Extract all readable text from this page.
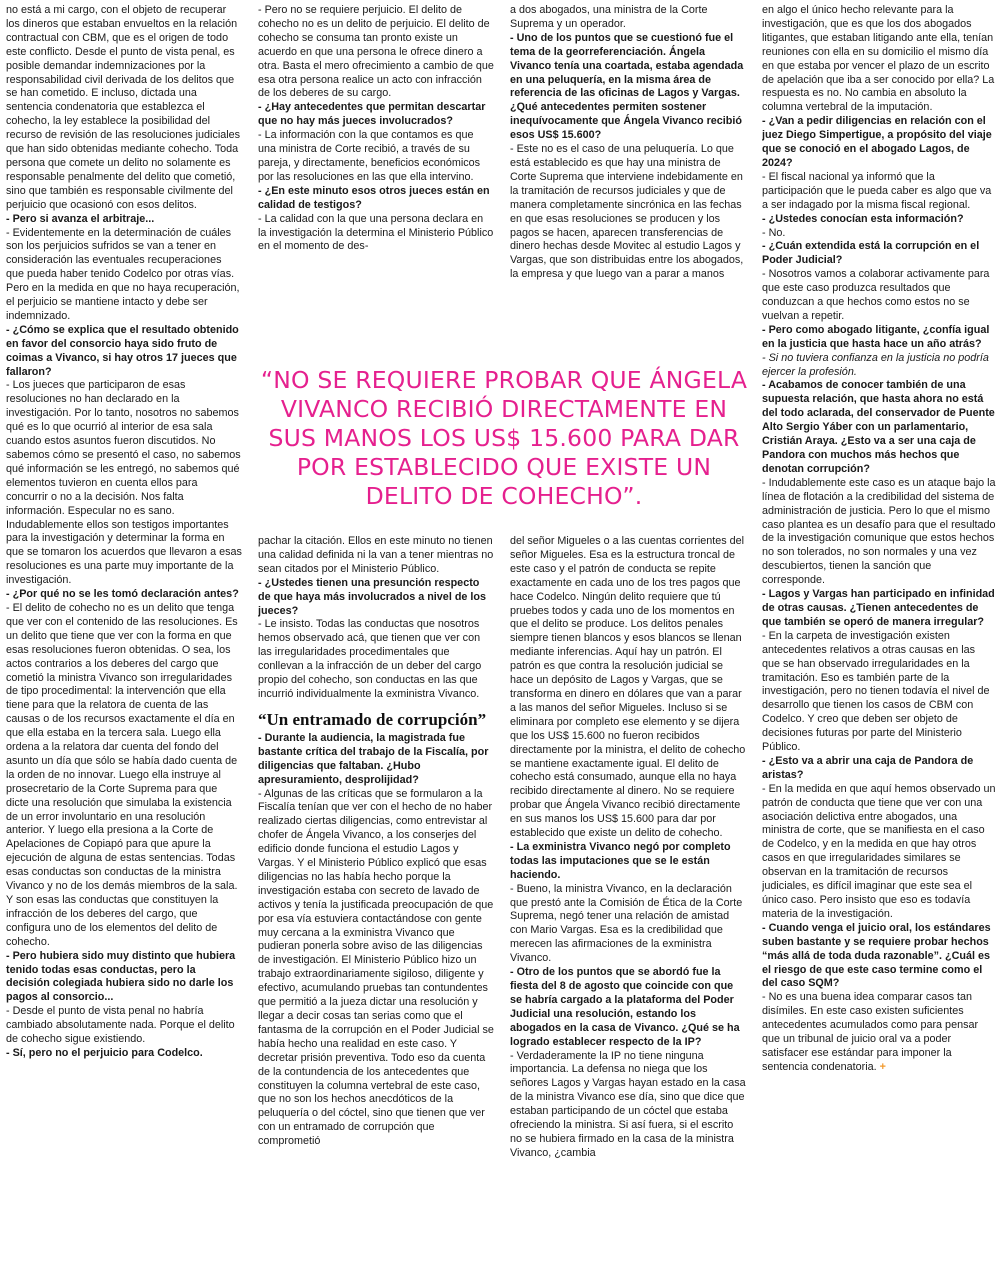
no está a mi cargo, con el objeto de recuperar los dineros que estaban envueltos en la relación contractual con CBM, que es el origen de todo este conflicto. Desde el punto de vista penal, es posible demandar indemnizaciones por la responsabilidad civil derivada de los delitos que se han cometido. E incluso, dictada una sentencia condenatoria que establezca el cohecho, la ley establece la posibilidad del recurso de revisión de las resoluciones judiciales que han sido obtenidas mediante cohecho. Toda persona que comete un delito no solamente es responsable penalmente del delito que cometió, sino que también es responsable civilmente del perjuicio que ocasionó con esos delitos.

- Pero si avanza el arbitraje...

- Evidentemente en la determinación de cuáles son los perjuicios sufridos se van a tener en consideración las eventuales recuperaciones que pueda haber tenido Codelco por otras vías. Pero en la medida en que no haya recuperación, el perjuicio se mantiene intacto y debe ser indemnizado.

- ¿Cómo se explica que el resultado obtenido en favor del consorcio haya sido fruto de coimas a Vivanco, si hay otros 17 jueces que fallaron?

- Los jueces que participaron de esas resoluciones no han declarado en la investigación. Por lo tanto, nosotros no sabemos qué es lo que ocurrió al interior de esa sala cuando estos asuntos fueron discutidos. No sabemos cómo se presentó el caso, no sabemos qué información se les entregó, no sabemos qué elementos tuvieron en cuenta ellos para concurrir o no a la decisión. Nos falta información. Especular no es sano. Indudablemente ellos son testigos importantes para la investigación y determinar la forma en que se tomaron los acuerdos que llevaron a esas resoluciones es una parte muy importante de la investigación.

- ¿Por qué no se les tomó declaración antes?

- El delito de cohecho no es un delito que tenga que ver con el contenido de las resoluciones. Es un delito que tiene que ver con la forma en que esas resoluciones fueron obtenidas. O sea, los actos contrarios a los deberes del cargo que cometió la ministra Vivanco son irregularidades de tipo procedimental: la intervención que ella tiene para que la relatora de cuenta de las causas o de los recursos exactamente el día en que ella estaba en la tercera sala. Luego ella ordena a la relatora dar cuenta del fondo del asunto un día que sólo se había dado cuenta de la orden de no innovar. Luego ella instruye al prosecretario de la Corte Suprema para que dicte una resolución que simulaba la existencia de un error involuntario en una resolución anterior. Y luego ella presiona a la Corte de Apelaciones de Copiapó para que apure la ejecución de alguna de estas sentencias. Todas esas conductas son conductas de la ministra Vivanco y no de los demás miembros de la sala. Y son esas las conductas que constituyen la infracción de los deberes del cargo, que configura uno de los elementos del delito de cohecho.

- Pero hubiera sido muy distinto que hubiera tenido todas esas conductas, pero la decisión colegiada hubiera sido no darle los pagos al consorcio...

- Desde el punto de vista penal no habría cambiado absolutamente nada. Porque el delito de cohecho sigue existiendo.

- Sí, pero no el perjuicio para Codelco.

- Pero no se requiere perjuicio. El delito de cohecho no es un delito de perjuicio. El delito de cohecho se consuma tan pronto existe un acuerdo en que una persona le ofrece dinero a otra. Basta el mero ofrecimiento a cambio de que esa otra persona realice un acto con infracción de los deberes de su cargo.

- ¿Hay antecedentes que permitan descartar que no hay más jueces involucrados?

- La información con la que contamos es que una ministra de Corte recibió, a través de su pareja, y directamente, beneficios económicos por las resoluciones en las que ella intervino.

- ¿En este minuto esos otros jueces están en calidad de testigos?

- La calidad con la que una persona declara en la investigación la determina el Ministerio Público en el momento de des-

a dos abogados, una ministra de la Corte Suprema y un operador.

- Uno de los puntos que se cuestionó fue el tema de la georreferenciación. Ángela Vivanco tenía una coartada, estaba agendada en una peluquería, en la misma área de referencia de las oficinas de Lagos y Vargas. ¿Qué antecedentes permiten sostener inequívocamente que Ángela Vivanco recibió esos US$ 15.600?

- Este no es el caso de una peluquería. Lo que está establecido es que hay una ministra de Corte Suprema que interviene indebidamente en la tramitación de recursos judiciales y que de manera completamente sincrónica en las fechas en que esas resoluciones se producen y los pagos se hacen, aparecen transferencias de dinero hechas desde Movitec al estudio Lagos y Vargas, que son distribuidas entre los abogados, la empresa y que luego van a parar a manos

en algo el único hecho relevante para la investigación, que es que los dos abogados litigantes, que estaban litigando ante ella, tenían reuniones con ella en su domicilio el mismo día en que estaba por vencer el plazo de un escrito de apelación que iba a ser conocido por ella? La respuesta es no. No cambia en absoluto la columna vertebral de la imputación.

- ¿Van a pedir diligencias en relación con el juez Diego Simpertigue, a propósito del viaje que se conoció en el abogado Lagos, de 2024?

- El fiscal nacional ya informó que la participación que le pueda caber es algo que va a ser indagado por la misma fiscal regional.

- ¿Ustedes conocían esta información?

- No.

- ¿Cuán extendida está la corrupción en el Poder Judicial?

- Nosotros vamos a colaborar activamente para que este caso produzca resultados que conduzcan a que hechos como estos no se vuelvan a repetir.

- Pero como abogado litigante, ¿confía igual en la justicia que hasta hace un año atrás?

- Si no tuviera confianza en la justicia no podría ejercer la profesión.

- Acabamos de conocer también de una supuesta relación, que hasta ahora no está del todo aclarada, del conservador de Puente Alto Sergio Yáber con un parlamentario, Cristián Araya. ¿Esto va a ser una caja de Pandora con muchos más hechos que denotan corrupción?

- Indudablemente este caso es un ataque bajo la línea de flotación a la credibilidad del sistema de administración de justicia. Pero lo que el mismo caso plantea es un desafío para que el resultado de la investigación comunique que estos hechos no son tolerados, no son normales y una vez descubiertos, tienen la sanción que corresponde.

- Lagos y Vargas han participado en infinidad de otras causas. ¿Tienen antecedentes de que también se operó de manera irregular?

- En la carpeta de investigación existen antecedentes relativos a otras causas en las que se han observado irregularidades en la tramitación. Eso es también parte de la investigación, pero no tienen todavía el nivel de desarrollo que tienen los casos de CBM con Codelco. Y creo que deben ser objeto de decisiones futuras por parte del Ministerio Público.

- ¿Esto va a abrir una caja de Pandora de aristas?

- En la medida en que aquí hemos observado un patrón de conducta que tiene que ver con una asociación delictiva entre abogados, una ministra de corte, que se manifiesta en el caso de Codelco, y en la medida en que hay otros casos en que irregularidades similares se observan en la tramitación de recursos judiciales, es difícil imaginar que este sea el único caso. Pero insisto que eso es todavía materia de la investigación.

- Cuando venga el juicio oral, los estándares suben bastante y se requiere probar hechos “más allá de toda duda razonable”. ¿Cuál es el riesgo de que este caso termine como el del caso SQM?

- No es una buena idea comparar casos tan disímiles. En este caso existen suficientes antecedentes acumulados como para pensar que un tribunal de juicio oral va a poder satisfacer ese estándar para imponer la sentencia condenatoria. +

“NO SE REQUIERE PROBAR QUE ÁNGELA VIVANCO RECIBIÓ DIRECTAMENTE EN SUS MANOS LOS US$ 15.600 PARA DAR POR ESTABLECIDO QUE EXISTE UN DELITO DE COHECHO”.

pachar la citación. Ellos en este minuto no tienen una calidad definida ni la van a tener mientras no sean citados por el Ministerio Público.

- ¿Ustedes tienen una presunción respecto de que haya más involucrados a nivel de los jueces?

- Le insisto. Todas las conductas que nosotros hemos observado acá, que tienen que ver con las irregularidades procedimentales que conllevan a la infracción de un deber del cargo propio del cohecho, son conductas en las que incurrió individualmente la exministra Vivanco.

“Un entramado de corrupción”

- Durante la audiencia, la magistrada fue bastante crítica del trabajo de la Fiscalía, por diligencias que faltaban. ¿Hubo apresuramiento, desprolijidad?

- Algunas de las críticas que se formularon a la Fiscalía tenían que ver con el hecho de no haber realizado ciertas diligencias, como entrevistar al chofer de Ángela Vivanco, a los conserjes del edificio donde funciona el estudio Lagos y Vargas. Y el Ministerio Público explicó que esas diligencias no las había hecho porque la investigación estaba con secreto de lavado de activos y tenía la justificada preocupación de que por esa vía estuviera contactándose con gente muy cercana a la exministra Vivanco que pudieran ponerla sobre aviso de las diligencias de investigación. El Ministerio Público hizo un trabajo extraordinariamente sigiloso, diligente y efectivo, acumulando pruebas tan contundentes que permitió a la jueza dictar una resolución y llegar a decir cosas tan serias como que el fantasma de la corrupción en el Poder Judicial se había hecho una realidad en este caso. Y decretar prisión preventiva. Todo eso da cuenta de la contundencia de los antecedentes que constituyen la columna vertebral de este caso, que no son los hechos anecdóticos de la peluquería o del cóctel, sino que tienen que ver con un entramado de corrupción que comprometió

del señor Migueles o a las cuentas corrientes del señor Migueles. Esa es la estructura troncal de este caso y el patrón de conducta se repite exactamente en cada uno de los tres pagos que hace Codelco. Ningún delito requiere que tú pruebes todos y cada uno de los momentos en que el delito se produce. Los delitos penales siempre tienen blancos y esos blancos se llenan mediante inferencias. Aquí hay un patrón. El patrón es que contra la resolución judicial se hace un depósito de Lagos y Vargas, que se transforma en dinero en dólares que van a parar a las manos del señor Migueles. Incluso si se eliminara por completo ese elemento y se dijera que los US$ 15.600 no fueron recibidos directamente por la ministra, el delito de cohecho se mantiene exactamente igual. El delito de cohecho está consumado, aunque ella no haya recibido directamente al dinero. No se requiere probar que Ángela Vivanco recibió directamente en sus manos los US$ 15.600 para dar por establecido que existe un delito de cohecho.

- La exministra Vivanco negó por completo todas las imputaciones que se le están haciendo.

- Bueno, la ministra Vivanco, en la declaración que prestó ante la Comisión de Ética de la Corte Suprema, negó tener una relación de amistad con Mario Vargas. Esa es la credibilidad que merecen las afirmaciones de la exministra Vivanco.

- Otro de los puntos que se abordó fue la fiesta del 8 de agosto que coincide con que se habría cargado a la plataforma del Poder Judicial una resolución, estando los abogados en la casa de Vivanco. ¿Qué se ha logrado establecer respecto de la IP?

- Verdaderamente la IP no tiene ninguna importancia. La defensa no niega que los señores Lagos y Vargas hayan estado en la casa de la ministra Vivanco ese día, sino que dice que estaban participando de un cóctel que estaba ofreciendo la ministra. Si así fuera, si el escrito no se hubiera firmado en la casa de la ministra Vivanco, ¿cambia
